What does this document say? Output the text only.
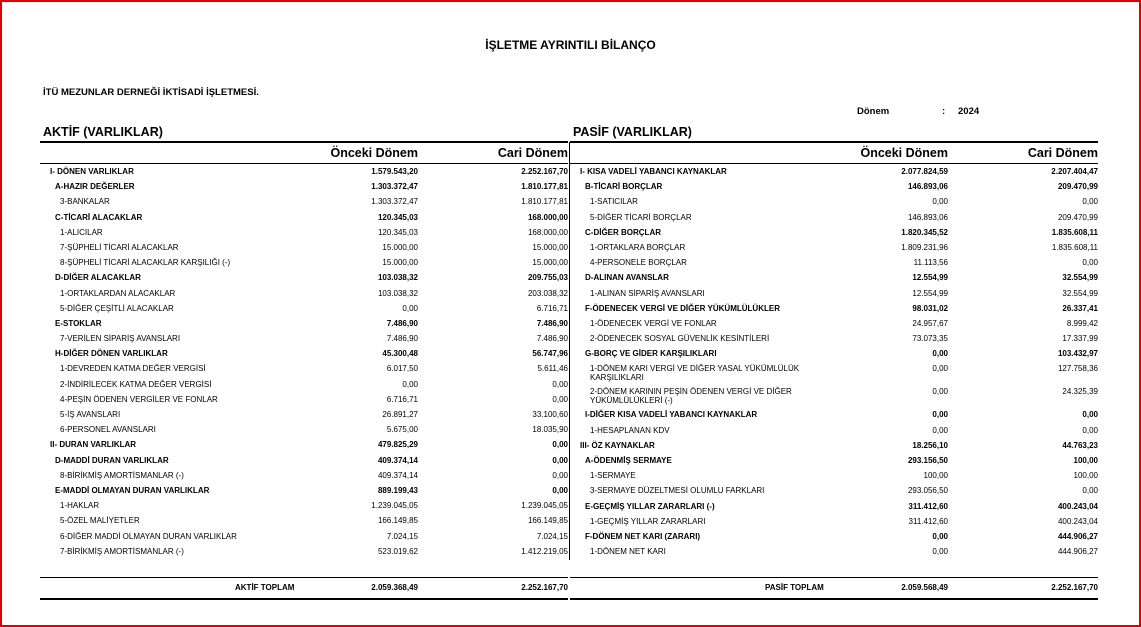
İŞLETME AYRINTILI BİLANÇO
İTÜ MEZUNLAR DERNEĞİ İKTİSADİ İŞLETMESİ.
Dönem	: 2024
AKTİF (VARLIKLAR)
Önceki Dönem	Cari Dönem
I- DÖNEN VARLIKLAR	1.579.543,20	2.252.167,70
A-HAZIR DEĞERLER	1.303.372,47	1.810.177,81
3-BANKALAR	1.303.372,47	1.810.177,81
C-TİCARİ ALACAKLAR	120.345,03	168.000,00
1-ALICILAR	120.345,03	168.000,00
7-ŞÜPHELİ TİCARİ ALACAKLAR	15.000,00	15.000,00
8-ŞÜPHELİ TİCARİ ALACAKLAR KARŞILIĞI (-)	15.000,00	15.000,00
D-DİĞER ALACAKLAR	103.038,32	209.755,03
1-ORTAKLARDAN ALACAKLAR	103.038,32	203.038,32
5-DİĞER ÇEŞİTLİ ALACAKLAR	0,00	6.716,71
E-STOKLAR	7.486,90	7.486,90
7-VERİLEN SİPARİŞ AVANSLARI	7.486,90	7.486,90
H-DİĞER DÖNEN VARLIKLAR	45.300,48	56.747,96
1-DEVREDEN KATMA DEĞER VERGİSİ	6.017,50	5.611,46
2-İNDİRİLECEK KATMA DEĞER VERGİSİ	0,00	0,00
4-PEŞİN ÖDENEN VERGİLER VE FONLAR	6.716,71	0,00
5-İŞ AVANSLARI	26.891,27	33.100,60
6-PERSONEL AVANSLARI	5.675,00	18.035,90
II- DURAN VARLIKLAR	479.825,29	0,00
D-MADDİ DURAN VARLIKLAR	409.374,14	0,00
8-BİRİKMİŞ AMORTİSMANLAR (-)	409.374,14	0,00
E-MADDİ OLMAYAN DURAN VARLIKLAR	889.199,43	0,00
1-HAKLAR	1.239.045,05	1.239.045,05
5-ÖZEL MALİYETLER	166.149,85	166.149,85
6-DİĞER MADDİ OLMAYAN DURAN VARLIKLAR	7.024,15	7.024,15
7-BİRİKMİŞ AMORTİSMANLAR (-)	523.019,62	1.412.219,05
PASİF (VARLIKLAR)
Önceki Dönem	Cari Dönem
I- KISA VADELİ YABANCI KAYNAKLAR	2.077.824,59	2.207.404,47
B-TİCARİ BORÇLAR	146.893,06	209.470,99
1-SATICILAR	0,00	0,00
5-DİĞER TİCARİ BORÇLAR	146.893,06	209.470,99
C-DİĞER BORÇLAR	1.820.345,52	1.835.608,11
1-ORTAKLARA BORÇLAR	1.809.231,96	1.835.608,11
4-PERSONELE BORÇLAR	11.113,56	0,00
D-ALINAN AVANSLAR	12.554,99	32.554,99
1-ALINAN SİPARİŞ AVANSLARI	12.554,99	32.554,99
F-ÖDENECEK VERGİ VE DİĞER YÜKÜMLÜLÜKLER	98.031,02	26.337,41
1-ÖDENECEK VERGİ VE FONLAR	24.957,67	8.999,42
2-ÖDENECEK SOSYAL GÜVENLİK KESİNTİLERİ	73.073,35	17.337,99
G-BORÇ VE GİDER KARŞILIKLARI	0,00	103.432,97
1-DÖNEM KARI VERGİ VE DİĞER YASAL YÜKÜMLÜLÜK KARŞILIKLARI
0,00	127.758,36
2-DÖNEM KARININ PEŞİN ÖDENEN VERGİ VE DİĞER YÜKÜMLÜLÜKLERİ (-)
0,00	24.325,39
I-DİĞER KISA VADELİ YABANCI KAYNAKLAR	0,00	0,00
1-HESAPLANAN KDV	0,00	0,00
III- ÖZ KAYNAKLAR	18.256,10	44.763,23
A-ÖDENMİŞ SERMAYE	293.156,50	100,00
1-SERMAYE	100,00	100,00
3-SERMAYE DÜZELTMESİ OLUMLU FARKLARI	293.056,50	0,00
E-GEÇMİŞ YILLAR ZARARLARI (-)	311.412,60	400.243,04
1-GEÇMİŞ YILLAR ZARARLARI	311.412,60	400.243,04
F-DÖNEM NET KARI (ZARARI)	0,00	444.906,27
1-DÖNEM NET KARI	0,00	444.906,27
AKTİF TOPLAM	2.059.368,49	2.252.167,70	PASİF TOPLAM	2.059.568,49	2.252.167,70
